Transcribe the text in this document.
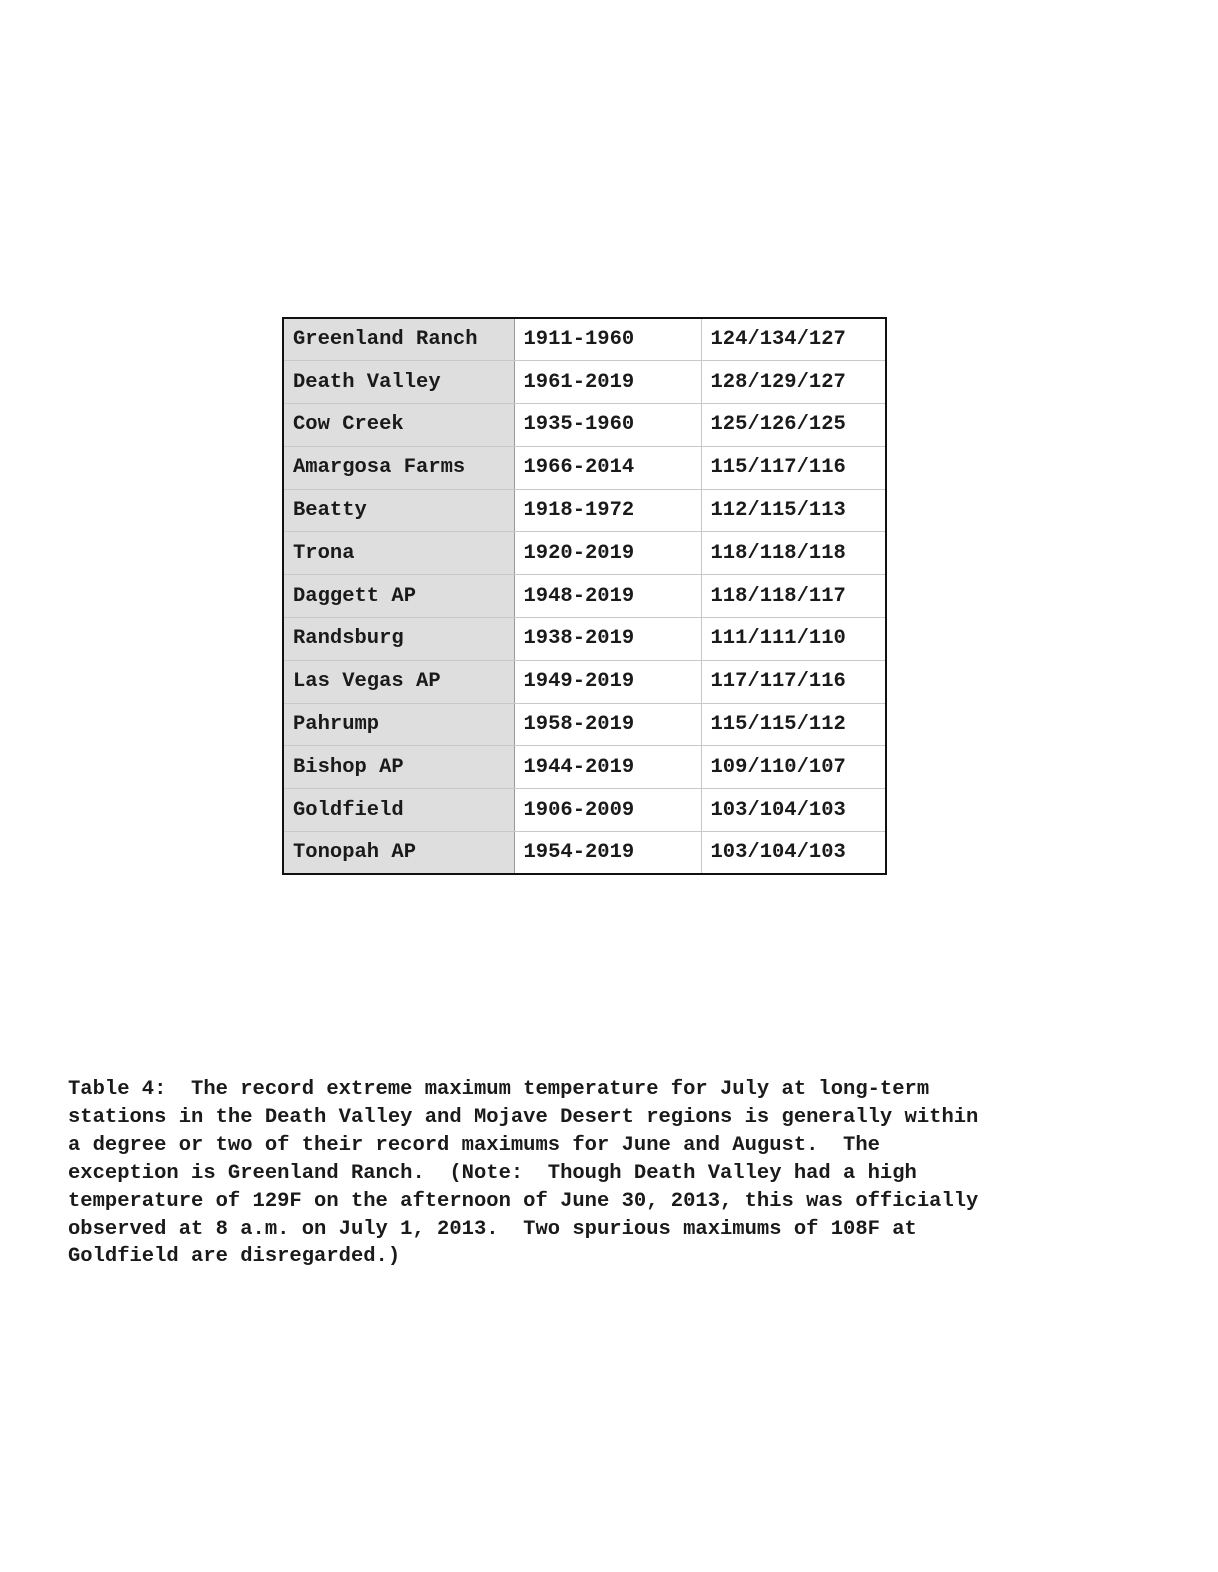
Greenland Ranch	1911-1960	124/134/127
Death Valley	1961-2019	128/129/127
Cow Creek	1935-1960	125/126/125
Amargosa Farms	1966-2014	115/117/116
Beatty	1918-1972	112/115/113
Trona	1920-2019	118/118/118
Daggett AP	1948-2019	118/118/117
Randsburg	1938-2019	111/111/110
Las Vegas AP	1949-2019	117/117/116
Pahrump	1958-2019	115/115/112
Bishop AP	1944-2019	109/110/107
Goldfield	1906-2009	103/104/103
Tonopah AP	1954-2019	103/104/103
Table 4:  The record extreme maximum temperature for July at long-term
stations in the Death Valley and Mojave Desert regions is generally within
a degree or two of their record maximums for June and August.  The
exception is Greenland Ranch.  (Note:  Though Death Valley had a high
temperature of 129F on the afternoon of June 30, 2013, this was officially
observed at 8 a.m. on July 1, 2013.  Two spurious maximums of 108F at
Goldfield are disregarded.)
